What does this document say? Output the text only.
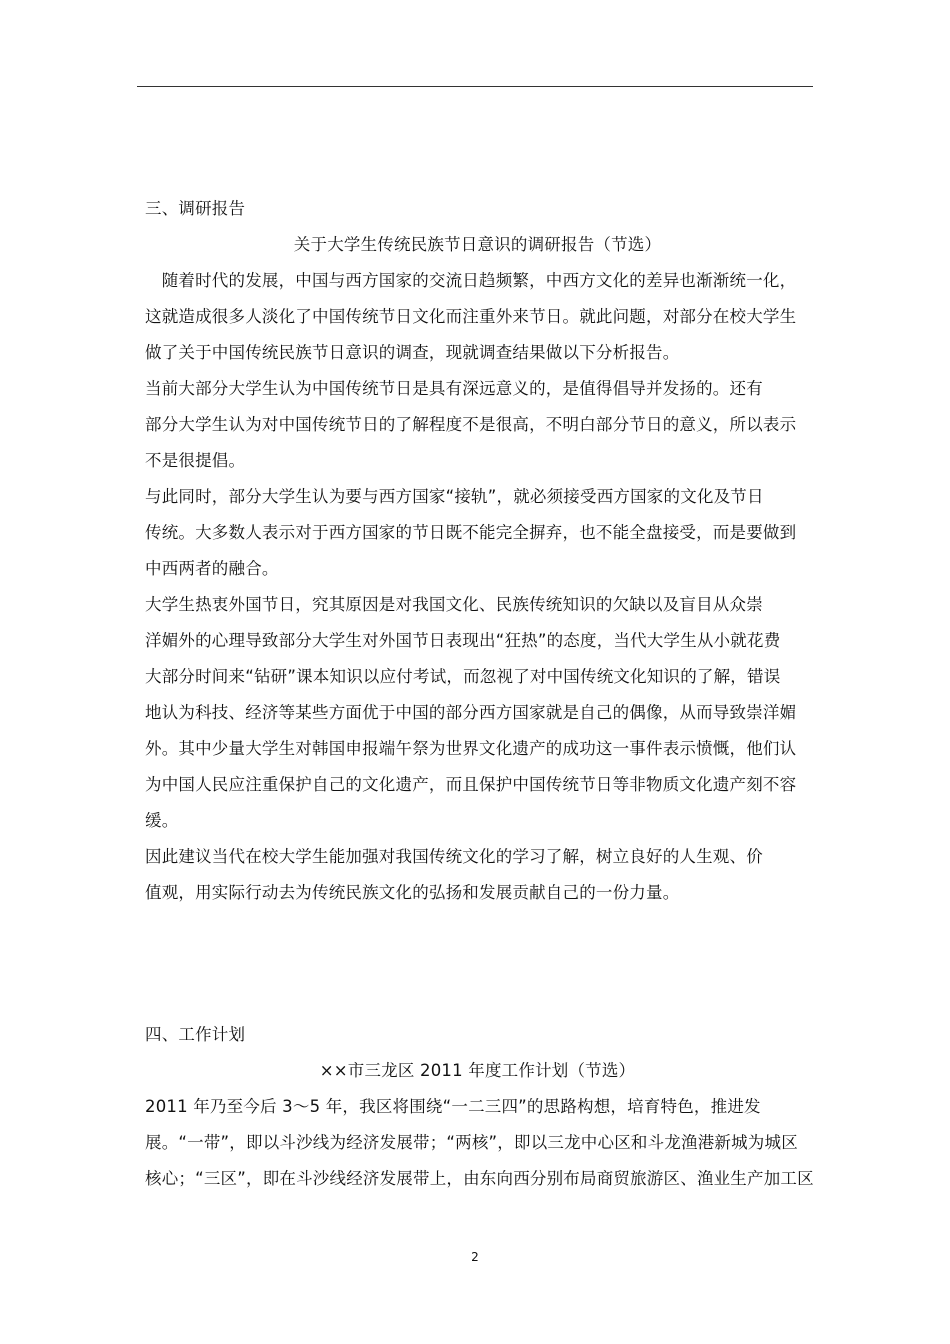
三、调研报告
关于大学生传统民族节日意识的调研报告（节选）
　随着时代的发展，中国与西方国家的交流日趋频繁，中西方文化的差异也渐渐统一化，
这就造成很多人淡化了中国传统节日文化而注重外来节日。就此问题，对部分在校大学生
做了关于中国传统民族节日意识的调查，现就调查结果做以下分析报告。
当前大部分大学生认为中国传统节日是具有深远意义的，是值得倡导并发扬的。还有
部分大学生认为对中国传统节日的了解程度不是很高，不明白部分节日的意义，所以表示
不是很提倡。
与此同时，部分大学生认为要与西方国家“接轨”，就必须接受西方国家的文化及节日
传统。大多数人表示对于西方国家的节日既不能完全摒弃，也不能全盘接受，而是要做到
中西两者的融合。
大学生热衷外国节日，究其原因是对我国文化、民族传统知识的欠缺以及盲目从众崇
洋媚外的心理导致部分大学生对外国节日表现出“狂热”的态度，当代大学生从小就花费
大部分时间来“钻研”课本知识以应付考试，而忽视了对中国传统文化知识的了解，错误
地认为科技、经济等某些方面优于中国的部分西方国家就是自己的偶像，从而导致崇洋媚
外。其中少量大学生对韩国申报端午祭为世界文化遗产的成功这一事件表示愤慨，他们认
为中国人民应注重保护自己的文化遗产，而且保护中国传统节日等非物质文化遗产刻不容
缓。
因此建议当代在校大学生能加强对我国传统文化的学习了解，树立良好的人生观、价
值观，用实际行动去为传统民族文化的弘扬和发展贡献自己的一份力量。
四、工作计划
××市三龙区 2011 年度工作计划（节选）
2011 年乃至今后 3～5 年，我区将围绕“一二三四”的思路构想，培育特色，推进发
展。“一带”，即以斗沙线为经济发展带；“两核”，即以三龙中心区和斗龙渔港新城为城区
核心；“三区”，即在斗沙线经济发展带上，由东向西分别布局商贸旅游区、渔业生产加工区
2
